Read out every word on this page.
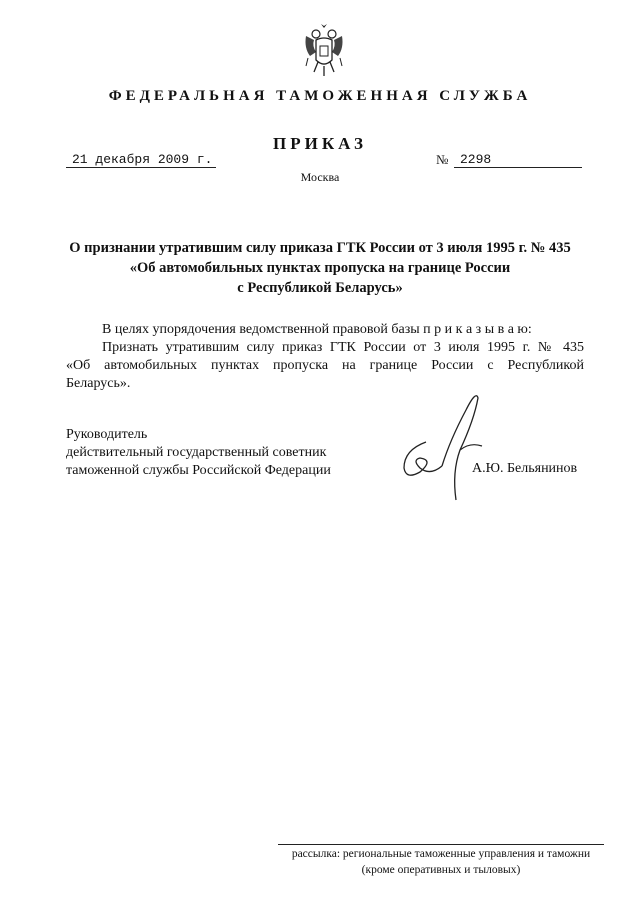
ФЕДЕРАЛЬНАЯ ТАМОЖЕННАЯ СЛУЖБА
ПРИКАЗ
21 декабря 2009 г.	№ 2298
Москва
О признании утратившим силу приказа ГТК России от 3 июля 1995 г. № 435
«Об автомобильных пунктах пропуска на границе России
с Республикой Беларусь»
В целях упорядочения ведомственной правовой базы п р и к а з ы в а ю:
Признать утратившим силу приказ ГТК России от 3 июля 1995 г. № 435
«Об автомобильных пунктах пропуска на границе России с Республикой
Беларусь».
Руководитель
действительный государственный советник
таможенной службы Российской Федерации	А.Ю. Бельянинов
рассылка: региональные таможенные управления и таможни
(кроме оперативных и тыловых)
